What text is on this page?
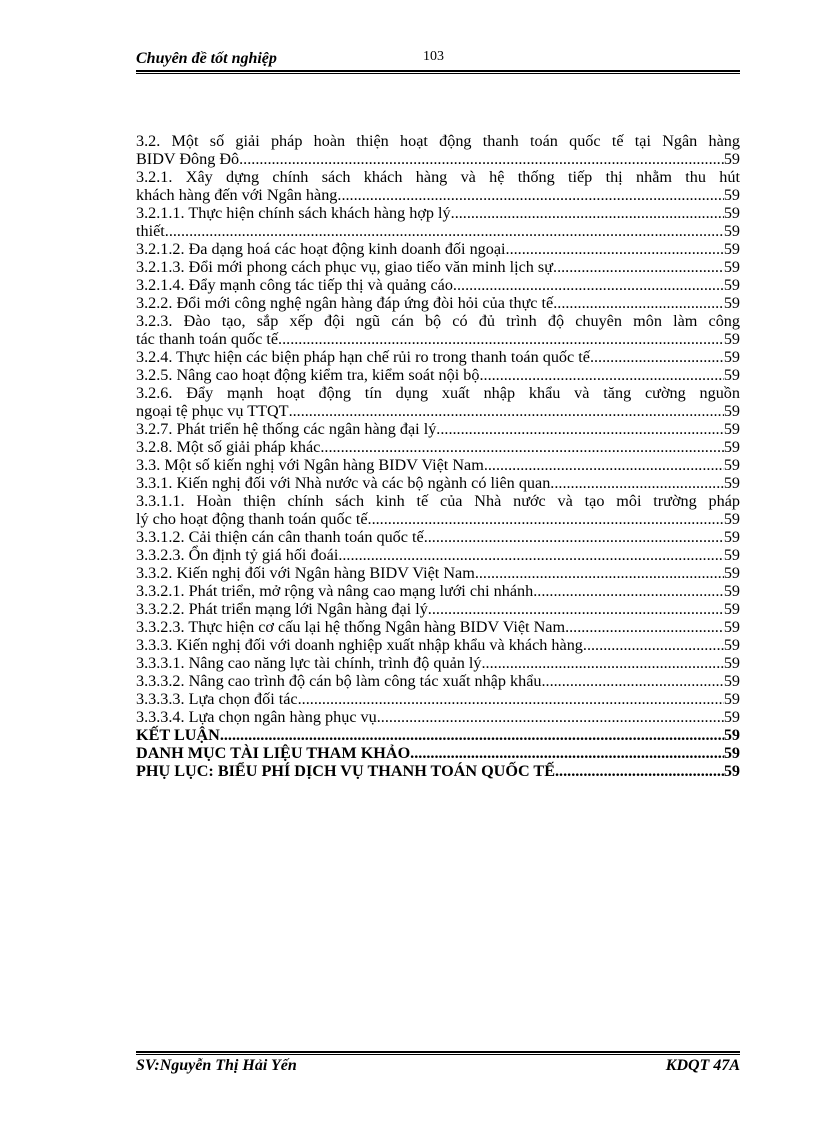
Chuyên đề tốt nghiệp	103
3.2. Một số giải pháp hoàn thiện hoạt động thanh toán quốc tế tại Ngân hàng
BIDV Đông Đô .....	59
3.2.1. Xây dựng chính sách khách hàng và hệ thống tiếp thị nhằm thu hút
khách hàng đến với Ngân hàng. .....	59
3.2.1.1. Thực hiện chính sách khách hàng hợp lý. .....	59
thiết. .....	59
3.2.1.2. Đa dạng hoá các hoạt động kinh doanh đối ngoại .....	59
3.2.1.3. Đổi mới phong cách phục vụ, giao tiếo văn minh lịch sự. .....	59
3.2.1.4. Đẩy mạnh công tác tiếp thị và quảng cáo. .....	59
3.2.2. Đổi mới công nghệ ngân hàng đáp ứng đòi hỏi của thực tế .....	59
3.2.3. Đào tạo, sắp xếp đội ngũ cán bộ có đủ trình độ chuyên môn làm công
tác thanh toán quốc tế .....	59
3.2.4. Thực hiện các biện pháp hạn chế rủi ro trong thanh toán quốc tế .....	59
3.2.5. Nâng cao hoạt động kiểm tra, kiểm soát nội bộ .....	59
3.2.6. Đẩy mạnh hoạt động tín dụng xuất nhập khẩu và tăng cường nguồn
ngoại tệ phục vụ TTQT .....	59
3.2.7. Phát triển hệ thống các ngân hàng đại lý .....	59
3.2.8. Một số giải pháp khác .....	59
3.3. Một số kiến nghị với Ngân hàng BIDV Việt Nam .....	59
3.3.1. Kiến nghị đối với Nhà nước và các bộ ngành có liên quan .....	59
3.3.1.1. Hoàn thiện chính sách kinh tế của Nhà nước và tạo môi trường pháp
lý cho hoạt động thanh toán quốc tế .....	59
3.3.1.2. Cải thiện cán cân thanh toán quốc tế. .....	59
3.3.2.3. Ổn định tỷ giá hối đoái .....	59
3.3.2. Kiến nghị đối với Ngân hàng BIDV Việt Nam .....	59
3.3.2.1. Phát triển, mở rộng và nâng cao mạng lưới chi nhánh. .....	59
3.3.2.2. Phát triển mạng lới Ngân hàng đại lý .....	59
3.3.2.3. Thực hiện cơ cấu lại hệ thống Ngân hàng BIDV Việt Nam .....	59
3.3.3. Kiến nghị đối với doanh nghiệp xuất nhập khẩu và khách hàng. .....	59
3.3.3.1. Nâng cao năng lực tài chính, trình độ quản lý .....	59
3.3.3.2. Nâng cao trình độ cán bộ làm công tác xuất nhập khẩu .....	59
3.3.3.3. Lựa chọn đối tác .....	59
3.3.3.4. Lựa chọn ngân hàng phục vụ .....	59
KẾT LUẬN .....	59
DANH MỤC TÀI LIỆU THAM KHẢO .....	59
PHỤ LỤC: BIỂU PHÍ DỊCH VỤ THANH TOÁN QUỐC TẾ .....	59
SV:Nguyễn Thị Hải Yến	KDQT 47A
